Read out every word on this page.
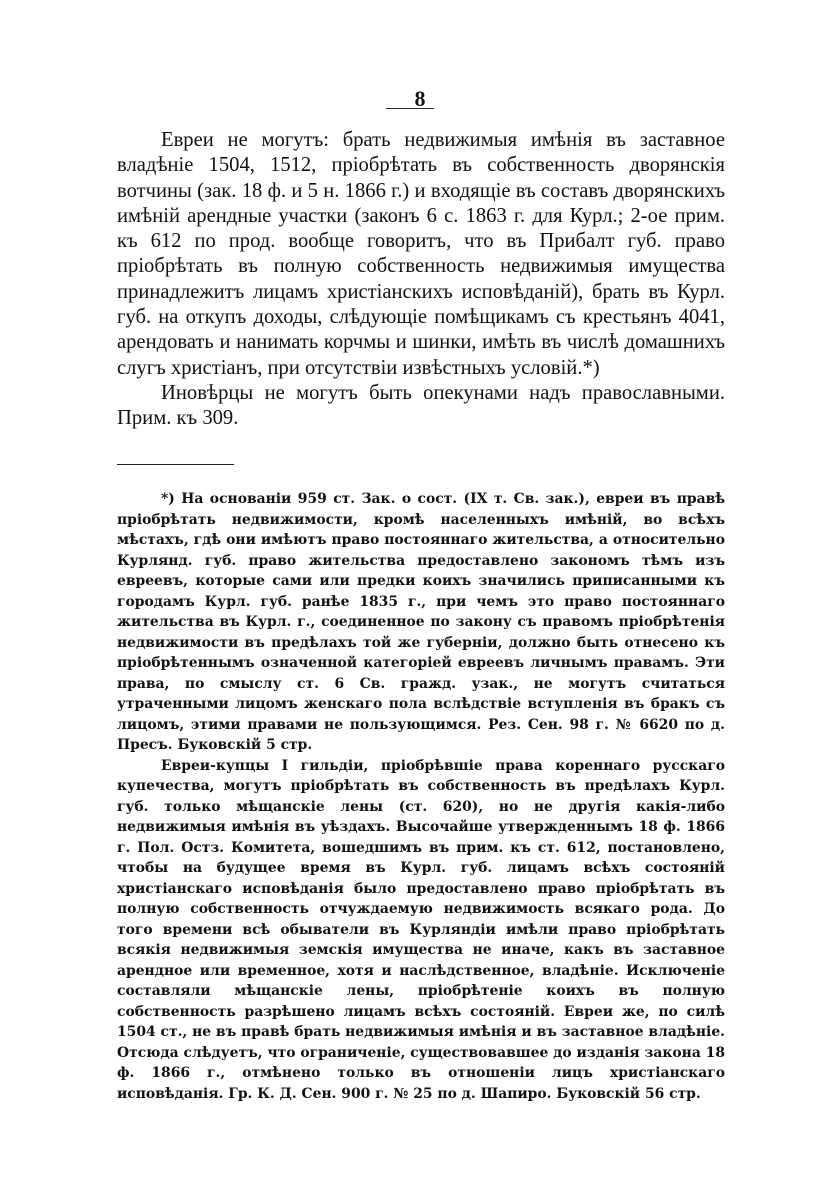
8

Евреи не могутъ: брать недвижимыя имѣнія въ заставное владѣніе 1504, 1512, пріобрѣтать въ собственность дворянскія вотчины (зак. 18 ф. и 5 н. 1866 г.) и входящіе въ составъ дворянскихъ имѣній арендные участки (законъ 6 с. 1863 г. для Курл.; 2-ое прим. къ 612 по прод. вообще говоритъ, что въ Прибалт губ. право пріобрѣтать въ полную собственность недвижимыя имущества принадлежитъ лицамъ христіанскихъ исповѣданій), брать въ Курл. губ. на откупъ доходы, слѣдующіе помѣщикамъ съ крестьянъ 4041, арендовать и нанимать корчмы и шинки, имѣть въ числѣ домашнихъ слугъ христіанъ, при отсутствіи извѣстныхъ условій.*)

Иновѣрцы не могутъ быть опекунами надъ православными. Прим. къ 309.

*) На основаніи 959 ст. Зак. о сост. (IX т. Св. зак.), евреи въ правѣ пріобрѣтать недвижимости, кромѣ населенныхъ имѣній, во всѣхъ мѣстахъ, гдѣ они имѣютъ право постояннаго жительства, а относительно Курлянд. губ. право жительства предоставлено закономъ тѣмъ изъ евреевъ, которые сами или предки коихъ значились приписанными къ городамъ Курл. губ. ранѣе 1835 г., при чемъ это право постояннаго жительства въ Курл. г., соединенное по закону съ правомъ пріобрѣтенія недвижимости въ предѣлахъ той же губерніи, должно быть отнесено къ пріобрѣтеннымъ означенной категоріей евреевъ личнымъ правамъ. Эти права, по смыслу ст. 6 Св. гражд. узак., не могутъ считаться утраченными лицомъ женскаго пола вслѣдствіе вступленія въ бракъ съ лицомъ, этими правами не пользующимся. Рез. Сен. 98 г. № 6620 по д. Пресъ. Буковскій 5 стр.

Евреи-купцы I гильдіи, пріобрѣвшіе права кореннаго русскаго купечества, могутъ пріобрѣтать въ собственность въ предѣлахъ Курл. губ. только мѣщанскіе лены (ст. 620), но не другія какія-либо недвижимыя имѣнія въ уѣздахъ. Высочайше утвержденнымъ 18 ф. 1866 г. Пол. Остз. Комитета, вошедшимъ въ прим. къ ст. 612, постановлено, чтобы на будущее время въ Курл. губ. лицамъ всѣхъ состояній христіанскаго исповѣданія было предоставлено право пріобрѣтать въ полную собственность отчуждаемую недвижимость всякаго рода. До того времени всѣ обыватели въ Курляндіи имѣли право пріобрѣтать всякія недвижимыя земскія имущества не иначе, какъ въ заставное арендное или временное, хотя и наслѣдственное, владѣніе. Исключеніе составляли мѣщанскіе лены, пріобрѣтеніе коихъ въ полную собственность разрѣшено лицамъ всѣхъ состояній. Евреи же, по силѣ 1504 ст., не въ правѣ брать недвижимыя имѣнія и въ заставное владѣніе. Отсюда слѣдуетъ, что ограниченіе, существовавшее до изданія закона 18 ф. 1866 г., отмѣнено только въ отношеніи лицъ христіанскаго исповѣданія. Гр. К. Д. Сен. 900 г. № 25 по д. Шапиро. Буковскій 56 стр.
